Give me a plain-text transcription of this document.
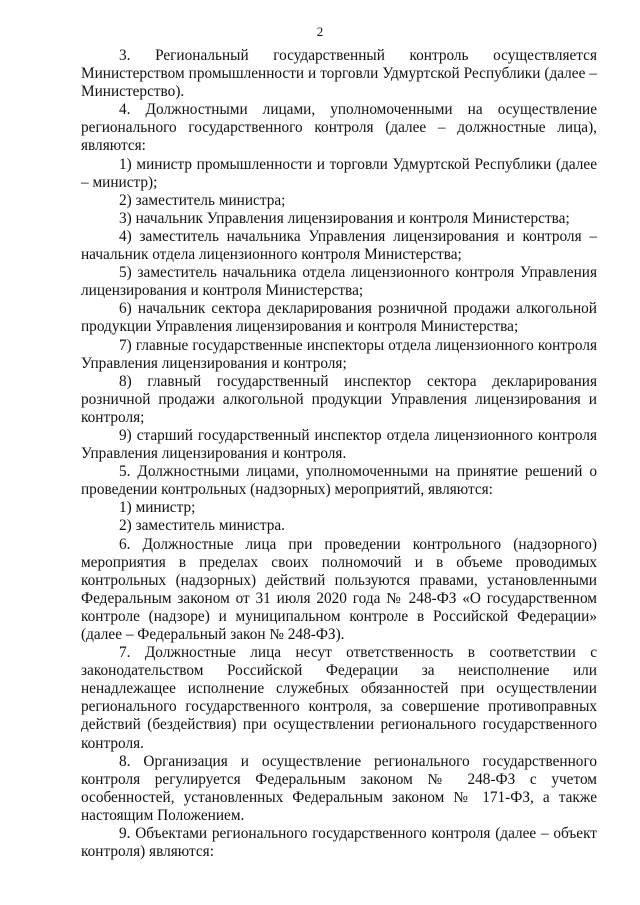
2

3. Региональный государственный контроль осуществляется Министерством промышленности и торговли Удмуртской Республики (далее – Министерство).

4. Должностными лицами, уполномоченными на осуществление регионального государственного контроля (далее – должностные лица), являются:

1) министр промышленности и торговли Удмуртской Республики (далее – министр);

2) заместитель министра;

3) начальник Управления лицензирования и контроля Министерства;

4) заместитель начальника Управления лицензирования и контроля – начальник отдела лицензионного контроля Министерства;

5) заместитель начальника отдела лицензионного контроля Управления лицензирования и контроля Министерства;

6) начальник сектора декларирования розничной продажи алкогольной продукции Управления лицензирования и контроля Министерства;

7) главные государственные инспекторы отдела лицензионного контроля Управления лицензирования и контроля;

8) главный государственный инспектор сектора декларирования розничной продажи алкогольной продукции Управления лицензирования и контроля;

9) старший государственный инспектор отдела лицензионного контроля Управления лицензирования и контроля.

5. Должностными лицами, уполномоченными на принятие решений о проведении контрольных (надзорных) мероприятий, являются:

1) министр;

2) заместитель министра.

6. Должностные лица при проведении контрольного (надзорного) мероприятия в пределах своих полномочий и в объеме проводимых контрольных (надзорных) действий пользуются правами, установленными Федеральным законом от 31 июля 2020 года № 248-ФЗ «О государственном контроле (надзоре) и муниципальном контроле в Российской Федерации» (далее – Федеральный закон № 248-ФЗ).

7. Должностные лица несут ответственность в соответствии с законодательством Российской Федерации за неисполнение или ненадлежащее исполнение служебных обязанностей при осуществлении регионального государственного контроля, за совершение противоправных действий (бездействия) при осуществлении регионального государственного контроля.

8. Организация и осуществление регионального государственного контроля регулируется Федеральным законом № 248-ФЗ с учетом особенностей, установленных Федеральным законом № 171-ФЗ, а также настоящим Положением.

9. Объектами регионального государственного контроля (далее – объект контроля) являются:
